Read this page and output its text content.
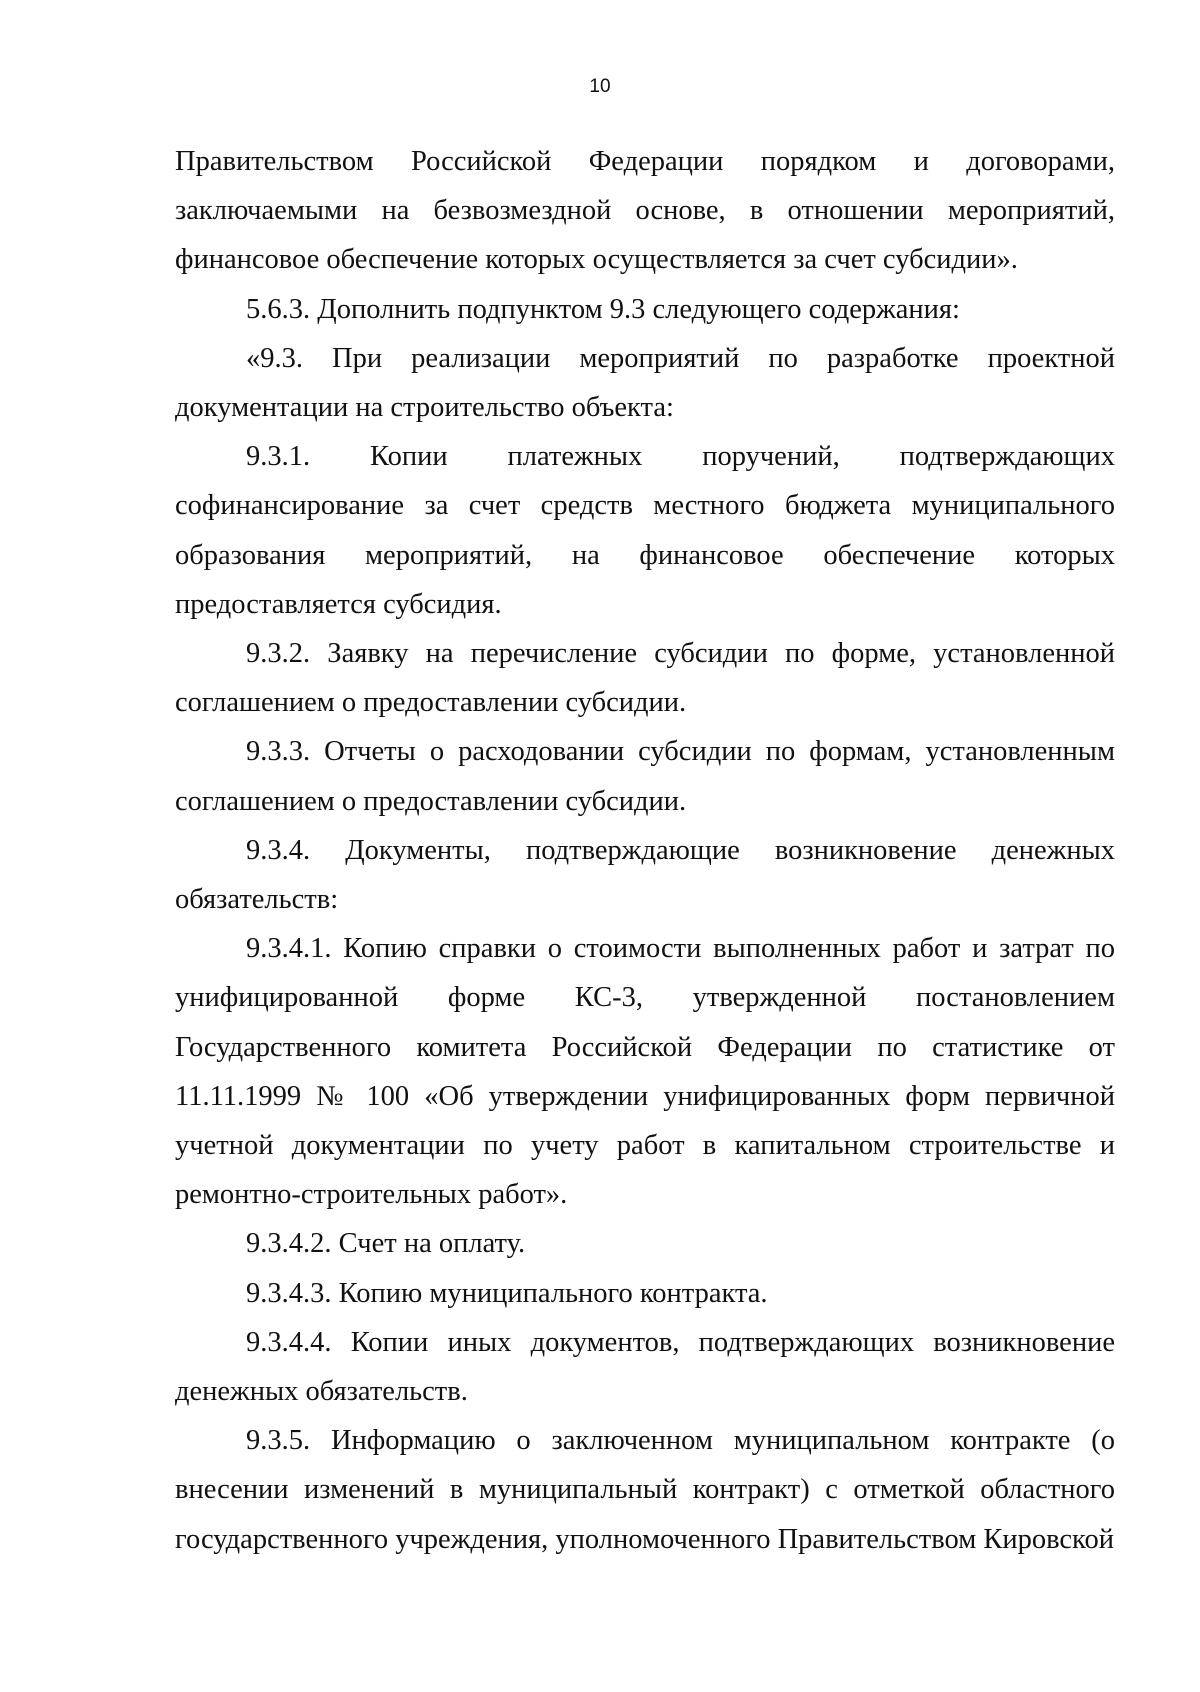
10

Правительством Российской Федерации порядком и договорами, заключаемыми на безвозмездной основе, в отношении мероприятий, финансовое обеспечение которых осуществляется за счет субсидии».

5.6.3. Дополнить подпунктом 9.3 следующего содержания:

«9.3. При реализации мероприятий по разработке проектной документации на строительство объекта:

9.3.1. Копии платежных поручений, подтверждающих софинансирование за счет средств местного бюджета муниципального образования мероприятий, на финансовое обеспечение которых предоставляется субсидия.

9.3.2. Заявку на перечисление субсидии по форме, установленной соглашением о предоставлении субсидии.

9.3.3. Отчеты о расходовании субсидии по формам, установленным соглашением о предоставлении субсидии.

9.3.4. Документы, подтверждающие возникновение денежных обязательств:

9.3.4.1. Копию справки о стоимости выполненных работ и затрат по унифицированной форме КС-3, утвержденной постановлением Государственного комитета Российской Федерации по статистике от 11.11.1999 № 100 «Об утверждении унифицированных форм первичной учетной документации по учету работ в капитальном строительстве и ремонтно-строительных работ».

9.3.4.2. Счет на оплату.

9.3.4.3. Копию муниципального контракта.

9.3.4.4. Копии иных документов, подтверждающих возникновение денежных обязательств.

9.3.5. Информацию о заключенном муниципальном контракте (о внесении изменений в муниципальный контракт) с отметкой областного государственного учреждения, уполномоченного Правительством Кировской
